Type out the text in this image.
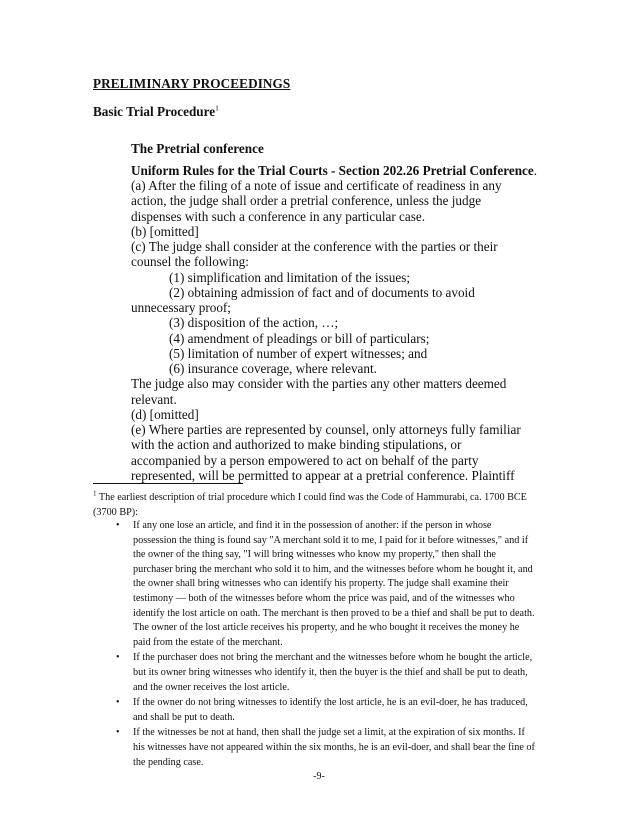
PRELIMINARY PROCEEDINGS
Basic Trial Procedure$^1$
The Pretrial conference
Uniform Rules for the Trial Courts - Section 202.26 Pretrial Conference.
(a) After the filing of a note of issue and certificate of readiness in any
action, the judge shall order a pretrial conference, unless the judge
dispenses with such a conference in any particular case.
(b) [omitted]
(c) The judge shall consider at the conference with the parties or their
counsel the following:
(1) simplification and limitation of the issues;
(2) obtaining admission of fact and of documents to avoid
unnecessary proof;
(3) disposition of the action, …;
(4) amendment of pleadings or bill of particulars;
(5) limitation of number of expert witnesses; and
(6) insurance coverage, where relevant.
The judge also may consider with the parties any other matters deemed
relevant.
(d) [omitted]
(e) Where parties are represented by counsel, only attorneys fully familiar
with the action and authorized to make binding stipulations, or
accompanied by a person empowered to act on behalf of the party
represented, will be permitted to appear at a pretrial conference. Plaintiff
$^1$ The earliest description of trial procedure which I could find was the Code of Hammurabi, ca. 1700 BCE
(3700 BP):
• If any one lose an article, and find it in the possession of another: if the person in whose
possession the thing is found say "A merchant sold it to me, I paid for it before witnesses," and if
the owner of the thing say, "I will bring witnesses who know my property," then shall the
purchaser bring the merchant who sold it to him, and the witnesses before whom he bought it, and
the owner shall bring witnesses who can identify his property. The judge shall examine their
testimony — both of the witnesses before whom the price was paid, and of the witnesses who
identify the lost article on oath. The merchant is then proved to be a thief and shall be put to death.
The owner of the lost article receives his property, and he who bought it receives the money he
paid from the estate of the merchant.
• If the purchaser does not bring the merchant and the witnesses before whom he bought the article,
but its owner bring witnesses who identify it, then the buyer is the thief and shall be put to death,
and the owner receives the lost article.
• If the owner do not bring witnesses to identify the lost article, he is an evil-doer, he has traduced,
and shall be put to death.
• If the witnesses be not at hand, then shall the judge set a limit, at the expiration of six months. If
his witnesses have not appeared within the six months, he is an evil-doer, and shall bear the fine of
the pending case.
-9-
